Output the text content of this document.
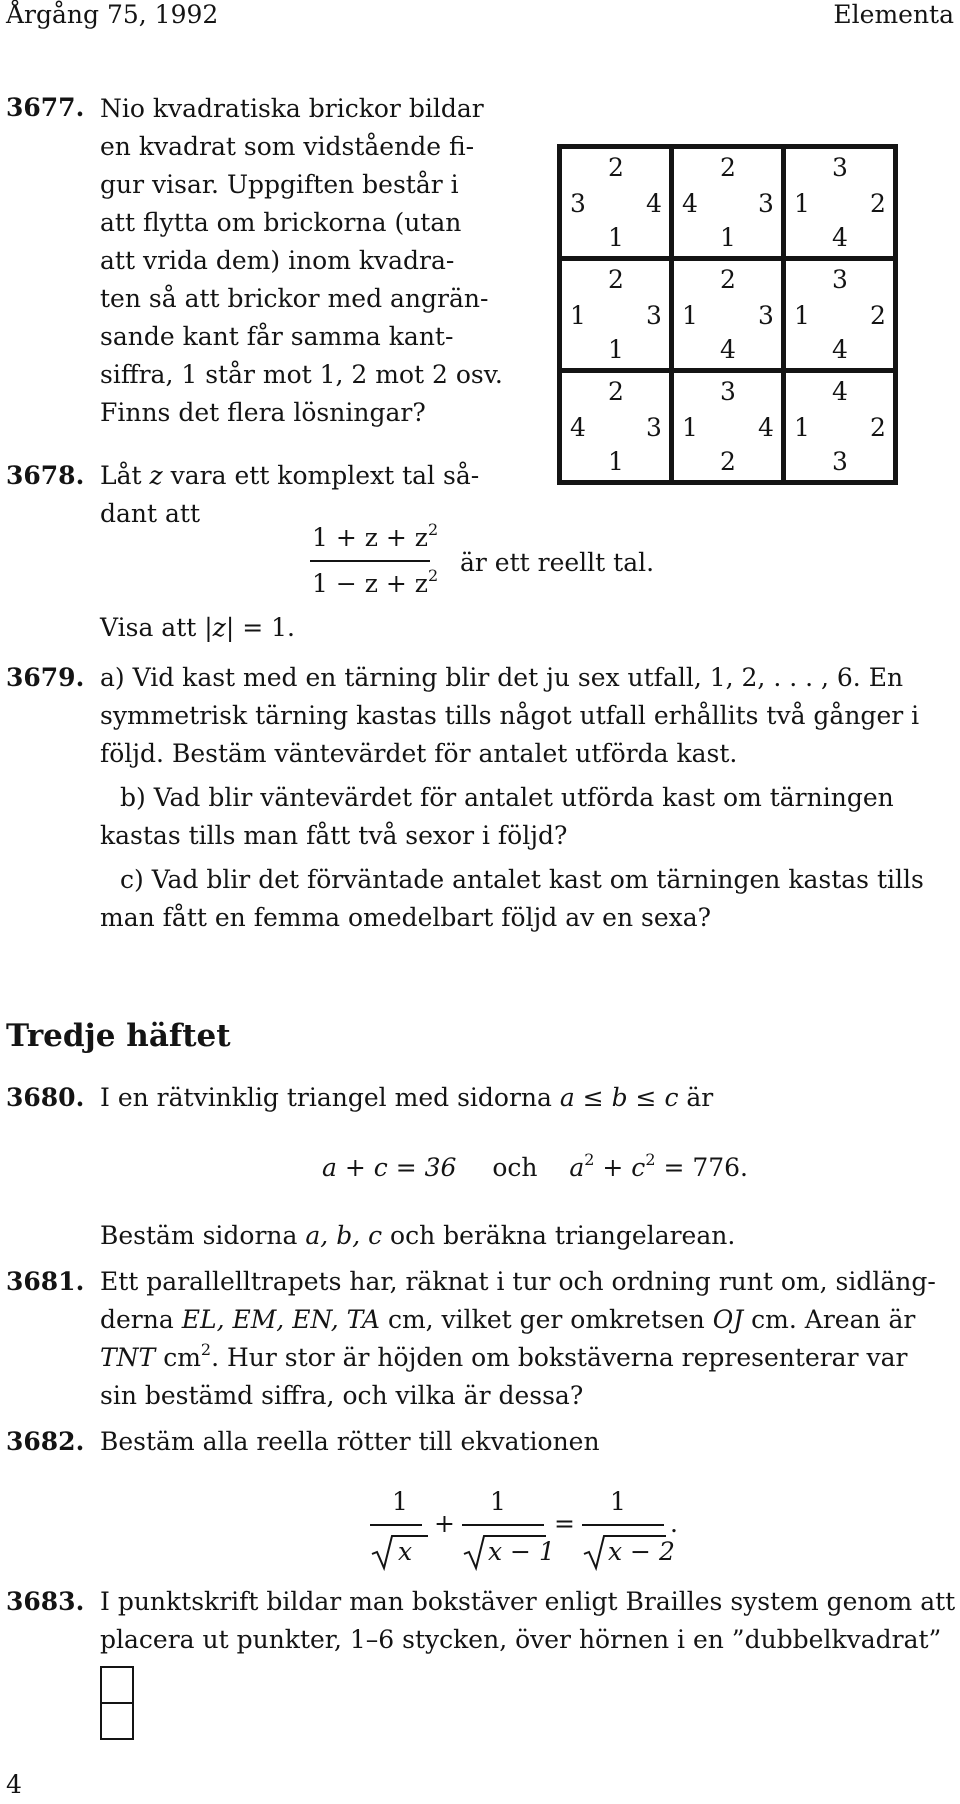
Årgång 75, 1992	Elementa
3677. Nio kvadratiska brickor bildar
en kvadrat som vidstående fi-
gur visar. Uppgiften består i
att flytta om brickorna (utan
att vrida dem) inom kvadra-
ten så att brickor med angrän-
sande kant får samma kant-
siffra, 1 står mot 1, 2 mot 2 osv.
Finns det flera lösningar?
2
3 4
1
2
4 3
1
3
1 2
4
2
1 3
1
2
1 3
4
3
1 2
4
2
4 3
1
3
1 4
2
4
1 2
3
3678. Låt z vara ett komplext tal så-
dant att
$1 + z + z^2$
$1 - z + z^2$ är ett reellt tal.
Visa att |z| = 1.
3679. a) Vid kast med en tärning blir det ju sex utfall, 1, 2, . . . , 6. En
symmetrisk tärning kastas tills något utfall erhållits två gånger i
följd. Bestäm väntevärdet för antalet utförda kast.
b) Vad blir väntevärdet för antalet utförda kast om tärningen
kastas tills man fått två sexor i följd?
c) Vad blir det förväntade antalet kast om tärningen kastas tills
man fått en femma omedelbart följd av en sexa?
Tredje häftet
3680. I en rätvinklig triangel med sidorna a ≤ b ≤ c är
a + c = 36 och $a^2 + c^2 = 776$.
Bestäm sidorna a, b, c och beräkna triangelarean.
3681. Ett parallelltrapets har, räknat i tur och ordning runt om, sidläng-
derna EL, EM, EN, TA cm, vilket ger omkretsen OJ cm. Arean är
TNT $cm^2$. Hur stor är höjden om bokstäverna representerar var
sin bestämd siffra, och vilka är dessa?
3682. Bestäm alla reella rötter till ekvationen
1
x
+
1
x − 1
=
1
x − 2
.
3683. I punktskrift bildar man bokstäver enligt Brailles system genom att
placera ut punkter, 1–6 stycken, över hörnen i en ”dubbelkvadrat”
4
